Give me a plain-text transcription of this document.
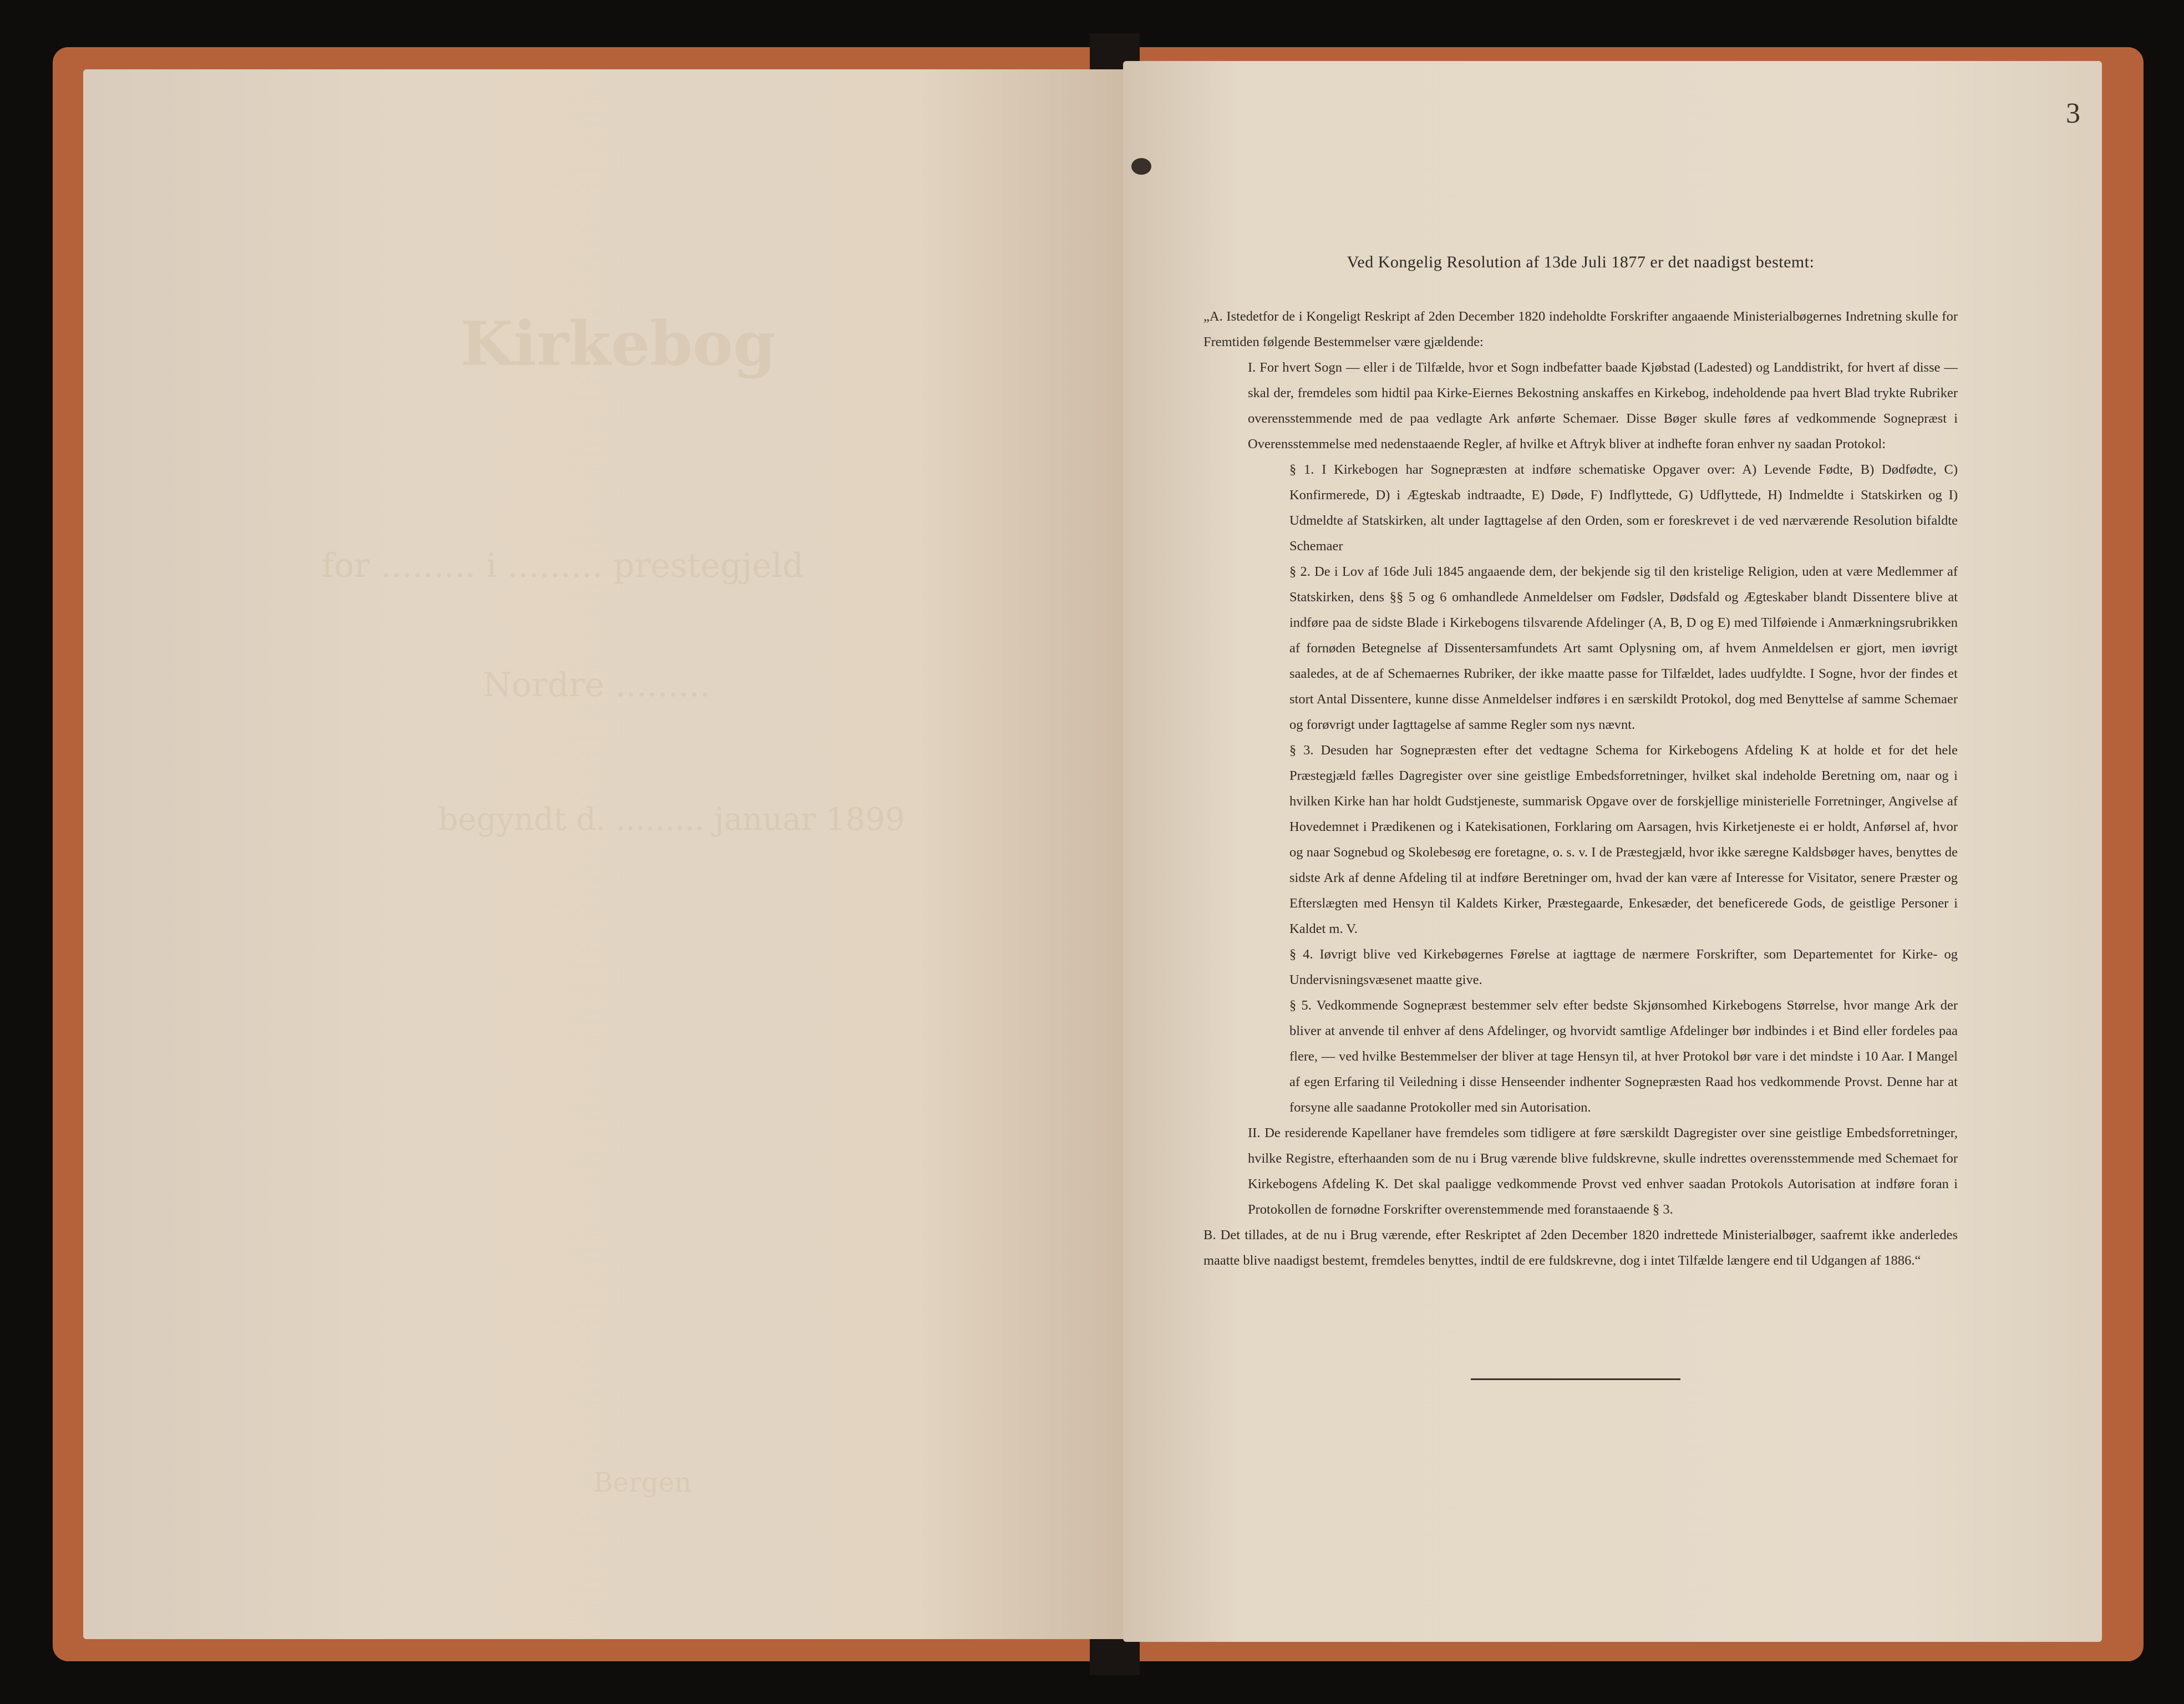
Kirkebog
for ......... i ......... prestegjeld
Nordre .........
begyndt d. ......... januar 1899
Bergen
3

Ved Kongelig Resolution af 13de Juli 1877 er det naadigst bestemt:

„A. Istedetfor de i Kongeligt Reskript af 2den December 1820 indeholdte Forskrifter angaaende Ministerialbøgernes Indretning skulle for Fremtiden følgende Bestemmelser være gjældende:

I. For hvert Sogn — eller i de Tilfælde, hvor et Sogn indbefatter baade Kjøbstad (Ladested) og Landdistrikt, for hvert af disse — skal der, fremdeles som hidtil paa Kirke-Eiernes Bekostning anskaffes en Kirkebog, indeholdende paa hvert Blad trykte Rubriker overensstemmende med de paa vedlagte Ark anførte Schemaer. Disse Bøger skulle føres af vedkommende Sognepræst i Overensstemmelse med nedenstaaende Regler, af hvilke et Aftryk bliver at indhefte foran enhver ny saadan Protokol:

§ 1. I Kirkebogen har Sognepræsten at indføre schematiske Opgaver over: A) Levende Fødte, B) Dødfødte, C) Konfirmerede, D) i Ægteskab indtraadte, E) Døde, F) Indflyttede, G) Udflyttede, H) Indmeldte i Statskirken og I) Udmeldte af Statskirken, alt under Iagttagelse af den Orden, som er foreskrevet i de ved nærværende Resolution bifaldte Schemaer

§ 2. De i Lov af 16de Juli 1845 angaaende dem, der bekjende sig til den kristelige Religion, uden at være Medlemmer af Statskirken, dens §§ 5 og 6 omhandlede Anmeldelser om Fødsler, Dødsfald og Ægteskaber blandt Dissentere blive at indføre paa de sidste Blade i Kirkebogens tilsvarende Afdelinger (A, B, D og E) med Tilføiende i Anmærkningsrubrikken af fornøden Betegnelse af Dissentersamfundets Art samt Oplysning om, af hvem Anmeldelsen er gjort, men iøvrigt saaledes, at de af Schemaernes Rubriker, der ikke maatte passe for Tilfældet, lades uudfyldte. I Sogne, hvor der findes et stort Antal Dissentere, kunne disse Anmeldelser indføres i en særskildt Protokol, dog med Benyttelse af samme Schemaer og forøvrigt under Iagttagelse af samme Regler som nys nævnt.

§ 3. Desuden har Sognepræsten efter det vedtagne Schema for Kirkebogens Afdeling K at holde et for det hele Præstegjæld fælles Dagregister over sine geistlige Embedsforretninger, hvilket skal indeholde Beretning om, naar og i hvilken Kirke han har holdt Gudstjeneste, summarisk Opgave over de forskjellige ministerielle Forretninger, Angivelse af Hovedemnet i Prædikenen og i Katekisationen, Forklaring om Aarsagen, hvis Kirketjeneste ei er holdt, Anførsel af, hvor og naar Sognebud og Skolebesøg ere foretagne, o. s. v. I de Præstegjæld, hvor ikke særegne Kaldsbøger haves, benyttes de sidste Ark af denne Afdeling til at indføre Beretninger om, hvad der kan være af Interesse for Visitator, senere Præster og Efterslægten med Hensyn til Kaldets Kirker, Præstegaarde, Enkesæder, det beneficerede Gods, de geistlige Personer i Kaldet m. V.

§ 4. Iøvrigt blive ved Kirkebøgernes Førelse at iagttage de nærmere Forskrifter, som Departementet for Kirke- og Undervisningsvæsenet maatte give.

§ 5. Vedkommende Sognepræst bestemmer selv efter bedste Skjønsomhed Kirkebogens Størrelse, hvor mange Ark der bliver at anvende til enhver af dens Afdelinger, og hvorvidt samtlige Afdelinger bør indbindes i et Bind eller fordeles paa flere, — ved hvilke Bestemmelser der bliver at tage Hensyn til, at hver Protokol bør vare i det mindste i 10 Aar. I Mangel af egen Erfaring til Veiledning i disse Henseender indhenter Sognepræsten Raad hos vedkommende Provst. Denne har at forsyne alle saadanne Protokoller med sin Autorisation.

II. De residerende Kapellaner have fremdeles som tidligere at føre særskildt Dagregister over sine geistlige Embedsforretninger, hvilke Registre, efterhaanden som de nu i Brug værende blive fuldskrevne, skulle indrettes overensstemmende med Schemaet for Kirkebogens Afdeling K. Det skal paaligge vedkommende Provst ved enhver saadan Protokols Autorisation at indføre foran i Protokollen de fornødne Forskrifter overenstemmende med foranstaaende § 3.

B. Det tillades, at de nu i Brug værende, efter Reskriptet af 2den December 1820 indrettede Ministerialbøger, saafremt ikke anderledes maatte blive naadigst bestemt, fremdeles benyttes, indtil de ere fuldskrevne, dog i intet Tilfælde længere end til Udgangen af 1886.“
